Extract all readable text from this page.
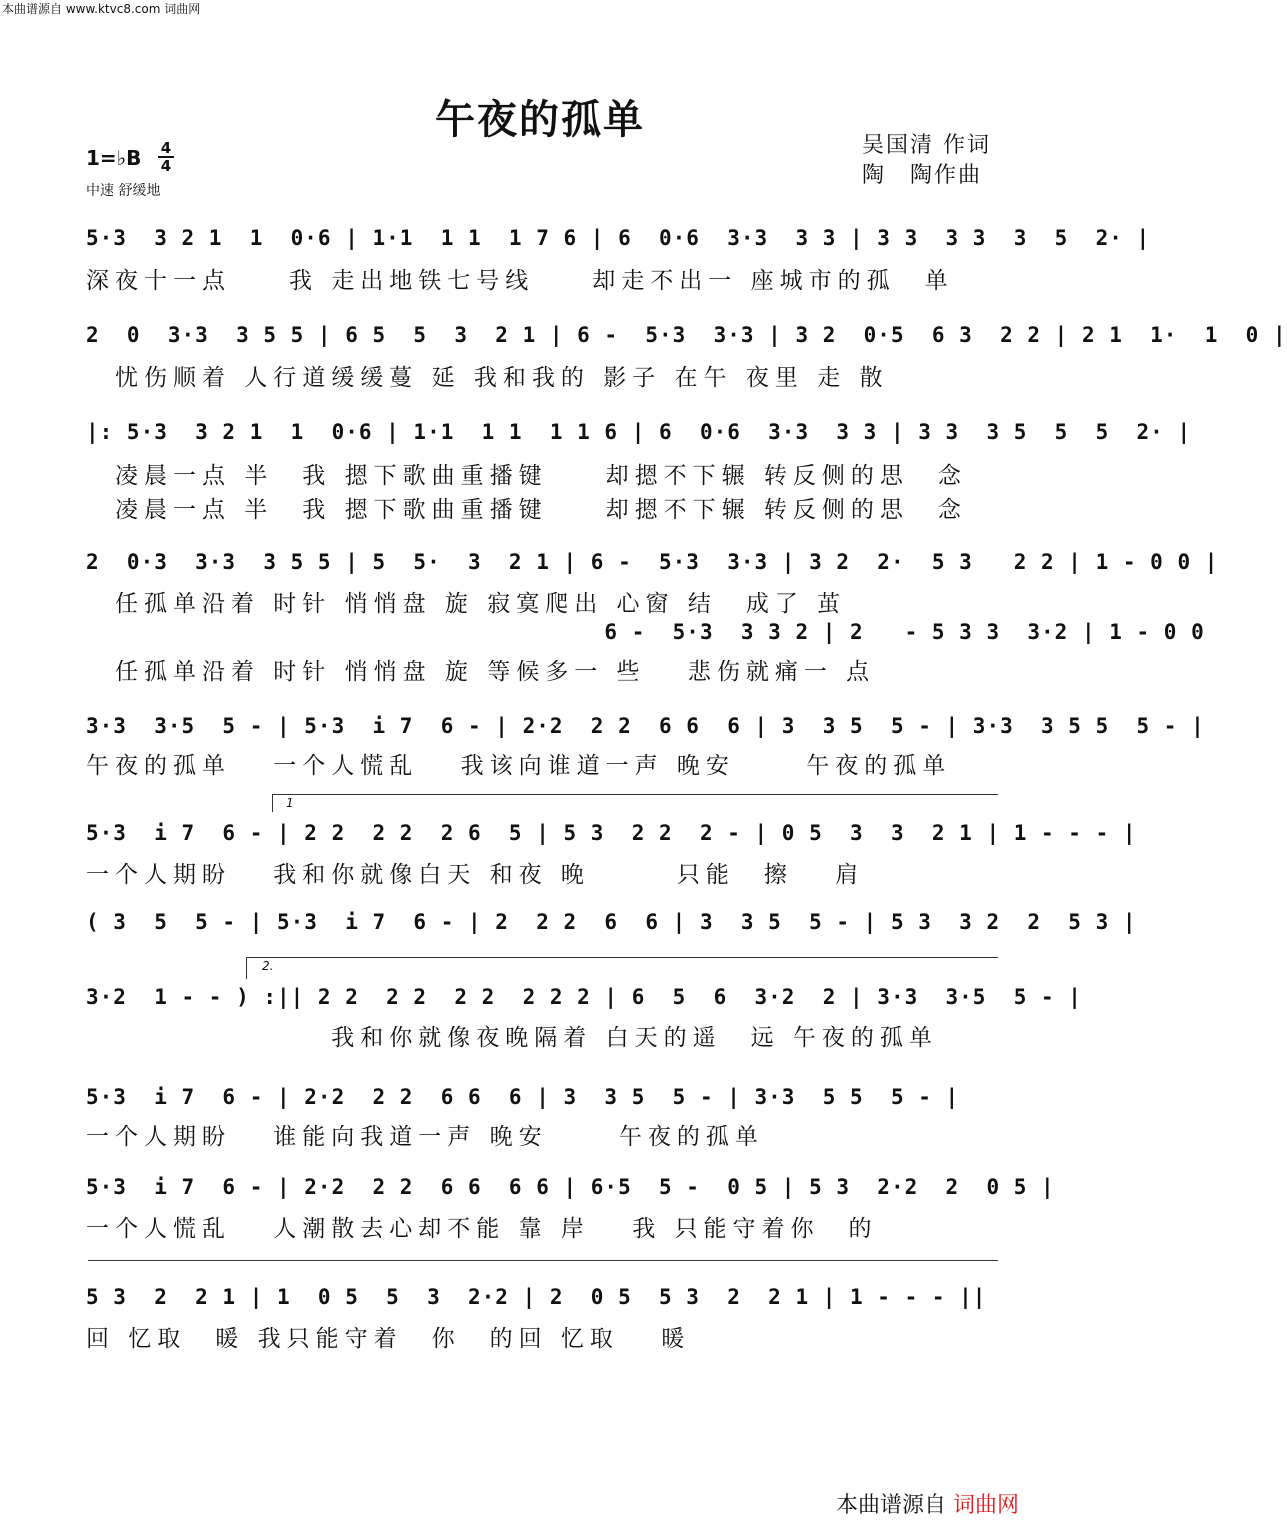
本曲谱源自 www.ktvc8.com 词曲网
午夜的孤单
吴国清 作词
陶　陶作曲
1=♭B	4
4
中速 舒缓地
5·3  3 2 1  1  0·6 | 1·1  1 1  1 7 6 | 6  0·6  3·3  3 3 | 3 3  3 3  3  5  2· |
深夜十一点　　我 走出地铁七号线　　却走不出一 座城市的孤　单
2  0  3·3  3 5 5 | 6 5  5  3  2 1 | 6 -  5·3  3·3 | 3 2  0·5  6 3  2 2 | 2 1  1·  1  0 |
　忧伤顺着 人行道缓缓蔓 延 我和我的 影子 在午 夜里 走 散
|: 5·3  3 2 1  1  0·6 | 1·1  1 1  1 1 6 | 6  0·6  3·3  3 3 | 3 3  3 5  5  5  2· |
　凌晨一点 半　我 摁下歌曲重播键　　却摁不下辗 转反侧的思　念
　凌晨一点 半　我 摁下歌曲重播键　　却摁不下辗 转反侧的思　念
2  0·3  3·3  3 5 5 | 5  5·  3  2 1 | 6 -  5·3  3·3 | 3 2  2·  5 3   2 2 | 1 - 0 0 |
　任孤单沿着 时针 悄悄盘 旋 寂寞爬出 心窗 结　成了 茧
6 -  5·3  3 3 2 | 2   - 5 3 3  3·2 | 1 - 0 0
　任孤单沿着 时针 悄悄盘 旋 等候多一 些　 悲伤就痛一 点
3·3  3·5  5 - | 5·3  i 7  6 - | 2·2  2 2  6 6  6 | 3  3 5  5 - | 3·3  3 5 5  5 - |
午夜的孤单　 一个人慌乱　 我该向谁道一声 晚安　　 午夜的孤单
1
5·3  i 7  6 - | 2 2  2 2  2 6  5 | 5 3  2 2  2 - | 0 5  3  3  2 1 | 1 - - - |
一个人期盼　 我和你就像白天 和夜 晚　　　只能　擦　 肩
( 3  5  5 - | 5·3  i 7  6 - | 2  2 2  6  6 | 3  3 5  5 - | 5 3  3 2  2  5 3 |
2.
3·2  1 - - ) :|| 2 2  2 2  2 2  2 2 2 | 6  5  6  3·2  2 | 3·3  3·5  5 - |
　　　　　　　　 我和你就像夜晚隔着 白天的遥　远 午夜的孤单
5·3  i 7  6 - | 2·2  2 2  6 6  6 | 3  3 5  5 - | 3·3  5 5  5 - |
一个人期盼　 谁能向我道一声 晚安　　 午夜的孤单
5·3  i 7  6 - | 2·2  2 2  6 6  6 6 | 6·5  5 -  0 5 | 5 3  2·2  2  0 5 |
一个人慌乱　 人潮散去心却不能 靠 岸　 我 只能守着你　的
5 3  2  2 1 | 1  0 5  5  3  2·2 | 2  0 5  5 3  2  2 1 | 1 - - - ||
回 忆取　暖 我只能守着　你　的回 忆取　 暖
本曲谱源自 词曲网
